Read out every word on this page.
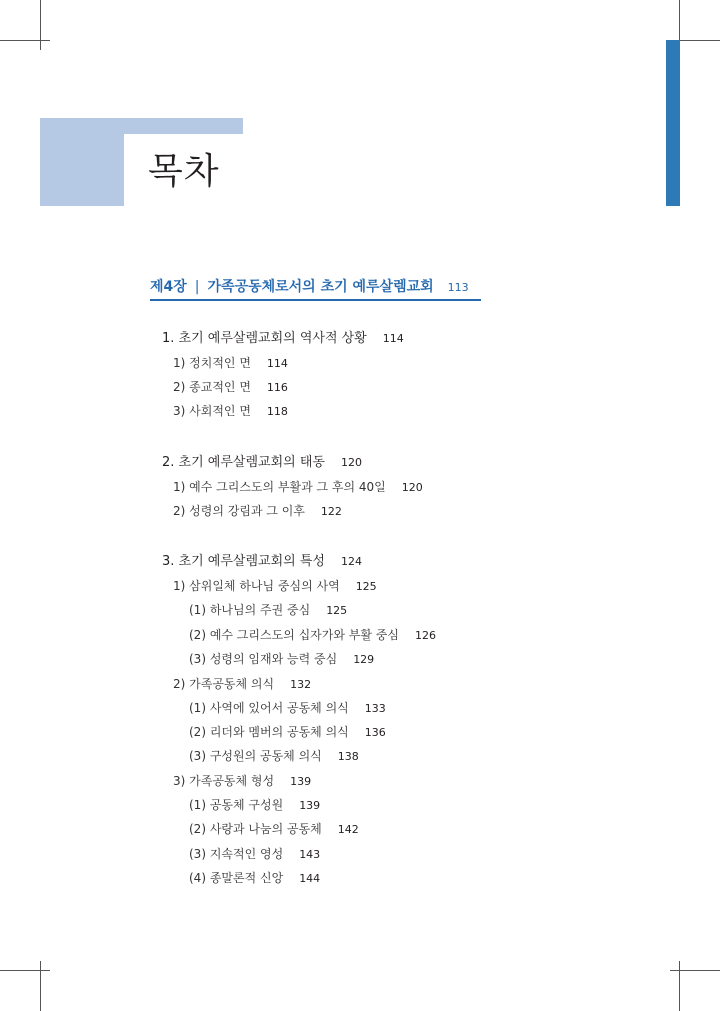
목차
제4장 | 가족공동체로서의 초기 예루살렘교회 113
1. 초기 예루살렘교회의 역사적 상황 114
1) 정치적인 면 114
2) 종교적인 면 116
3) 사회적인 면 118
2. 초기 예루살렘교회의 태동 120
1) 예수 그리스도의 부활과 그 후의 40일 120
2) 성령의 강림과 그 이후 122
3. 초기 예루살렘교회의 특성 124
1) 삼위일체 하나님 중심의 사역 125
(1) 하나님의 주권 중심 125
(2) 예수 그리스도의 십자가와 부활 중심 126
(3) 성령의 임재와 능력 중심 129
2) 가족공동체 의식 132
(1) 사역에 있어서 공동체 의식 133
(2) 리더와 멤버의 공동체 의식 136
(3) 구성원의 공동체 의식 138
3) 가족공동체 형성 139
(1) 공동체 구성원 139
(2) 사랑과 나눔의 공동체 142
(3) 지속적인 영성 143
(4) 종말론적 신앙 144
